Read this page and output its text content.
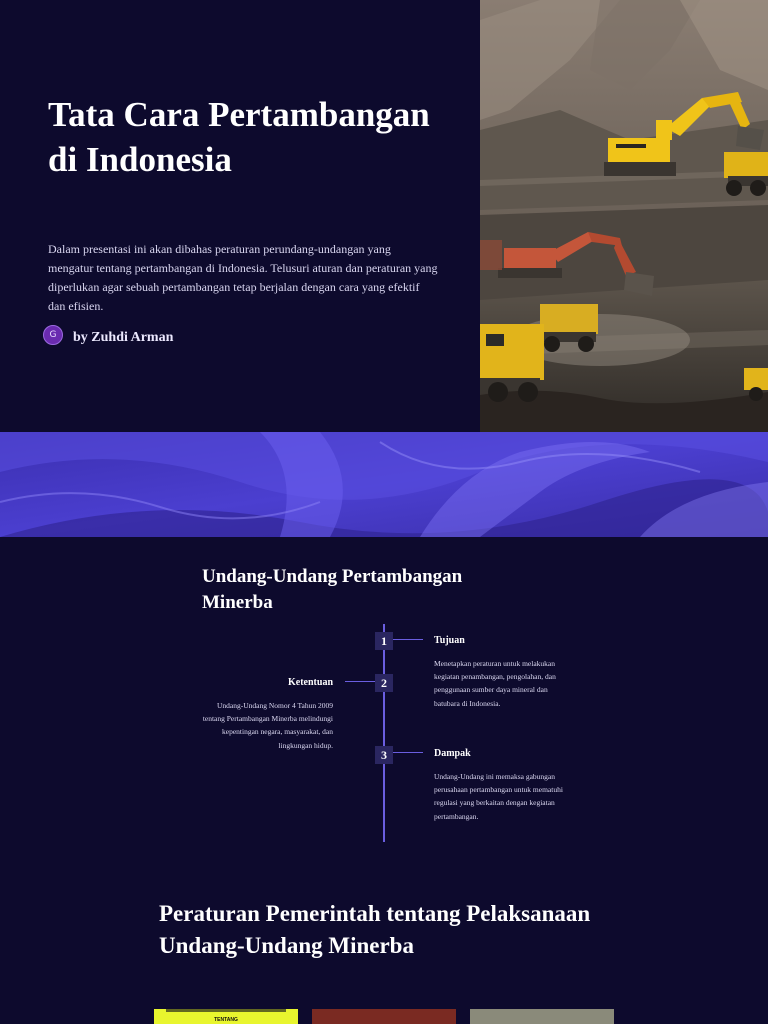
Tata Cara Pertambangan di Indonesia

Dalam presentasi ini akan dibahas peraturan perundang-undangan yang mengatur tentang pertambangan di Indonesia. Telusuri aturan dan peraturan yang diperlukan agar sebuah pertambangan tetap berjalan dengan cara yang efektif dan efisien.

G	by Zuhdi Arman
Undang-Undang Pertambangan Minerba
1	Tujuan

Menetapkan peraturan untuk melakukan kegiatan penambangan, pengolahan, dan penggunaan sumber daya mineral dan batubara di Indonesia.

2
Ketentuan

Undang-Undang Nomor 4 Tahun 2009 tentang Pertambangan Minerba melindungi kepentingan negara, masyarakat, dan lingkungan hidup.

3	Dampak

Undang-Undang ini memaksa gabungan perusahaan pertambangan untuk mematuhi regulasi yang berkaitan dengan kegiatan pertambangan.

Peraturan Pemerintah tentang Pelaksanaan Undang-Undang Minerba
TENTANG
